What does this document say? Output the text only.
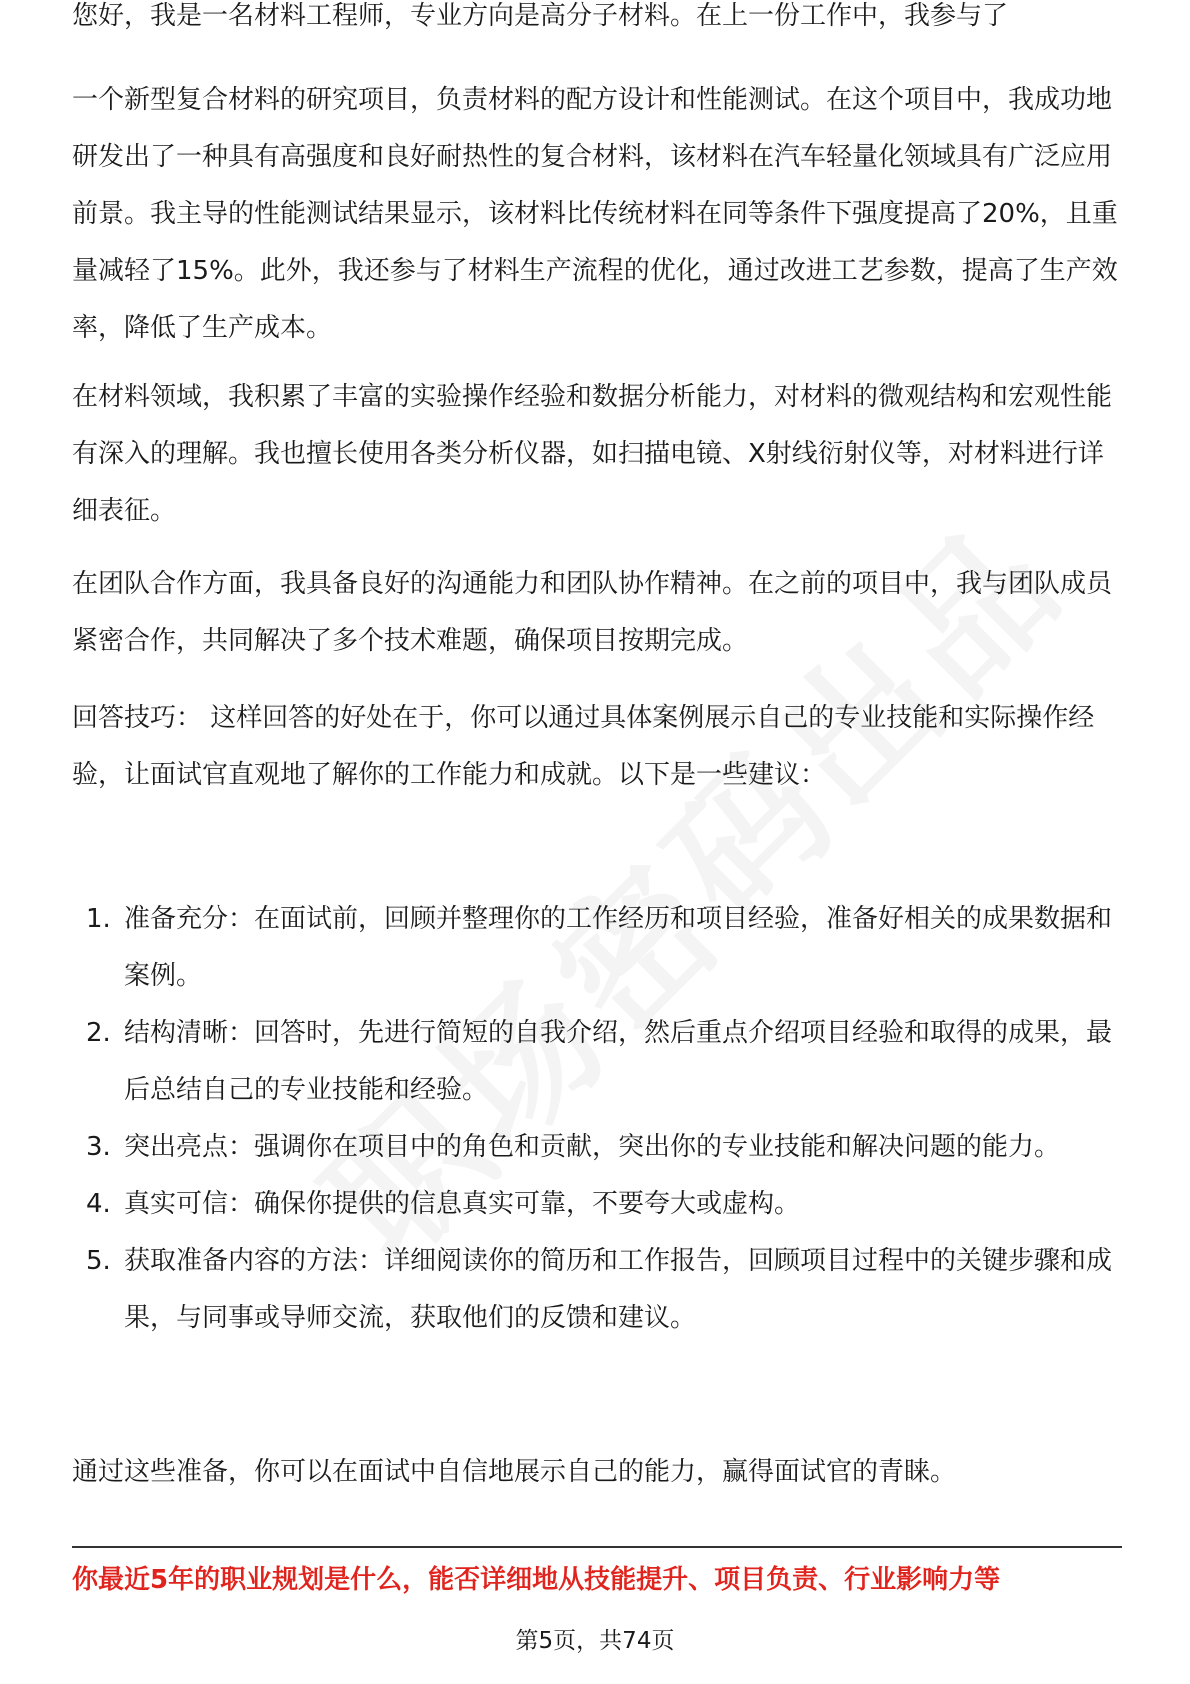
您好，我是一名材料工程师，专业方向是高分子材料。在上一份工作中，我参与了

一个新型复合材料的研究项目，负责材料的配方设计和性能测试。在这个项目中，我成功地研发出了一种具有高强度和良好耐热性的复合材料，该材料在汽车轻量化领域具有广泛应用前景。我主导的性能测试结果显示，该材料比传统材料在同等条件下强度提高了20%，且重量减轻了15%。此外，我还参与了材料生产流程的优化，通过改进工艺参数，提高了生产效率，降低了生产成本。

在材料领域，我积累了丰富的实验操作经验和数据分析能力，对材料的微观结构和宏观性能有深入的理解。我也擅长使用各类分析仪器，如扫描电镜、X射线衍射仪等，对材料进行详细表征。

在团队合作方面，我具备良好的沟通能力和团队协作精神。在之前的项目中，我与团队成员紧密合作，共同解决了多个技术难题，确保项目按期完成。

回答技巧： 这样回答的好处在于，你可以通过具体案例展示自己的专业技能和实际操作经验，让面试官直观地了解你的工作能力和成就。以下是一些建议：

1. 准备充分：在面试前，回顾并整理你的工作经历和项目经验，准备好相关的成果数据和案例。
2. 结构清晰：回答时，先进行简短的自我介绍，然后重点介绍项目经验和取得的成果，最后总结自己的专业技能和经验。
3. 突出亮点：强调你在项目中的角色和贡献，突出你的专业技能和解决问题的能力。
4. 真实可信：确保你提供的信息真实可靠，不要夸大或虚构。
5. 获取准备内容的方法：详细阅读你的简历和工作报告，回顾项目过程中的关键步骤和成果，与同事或导师交流，获取他们的反馈和建议。

通过这些准备，你可以在面试中自信地展示自己的能力，赢得面试官的青睐。

你最近5年的职业规划是什么，能否详细地从技能提升、项目负责、行业影响力等
第5页，共74页
